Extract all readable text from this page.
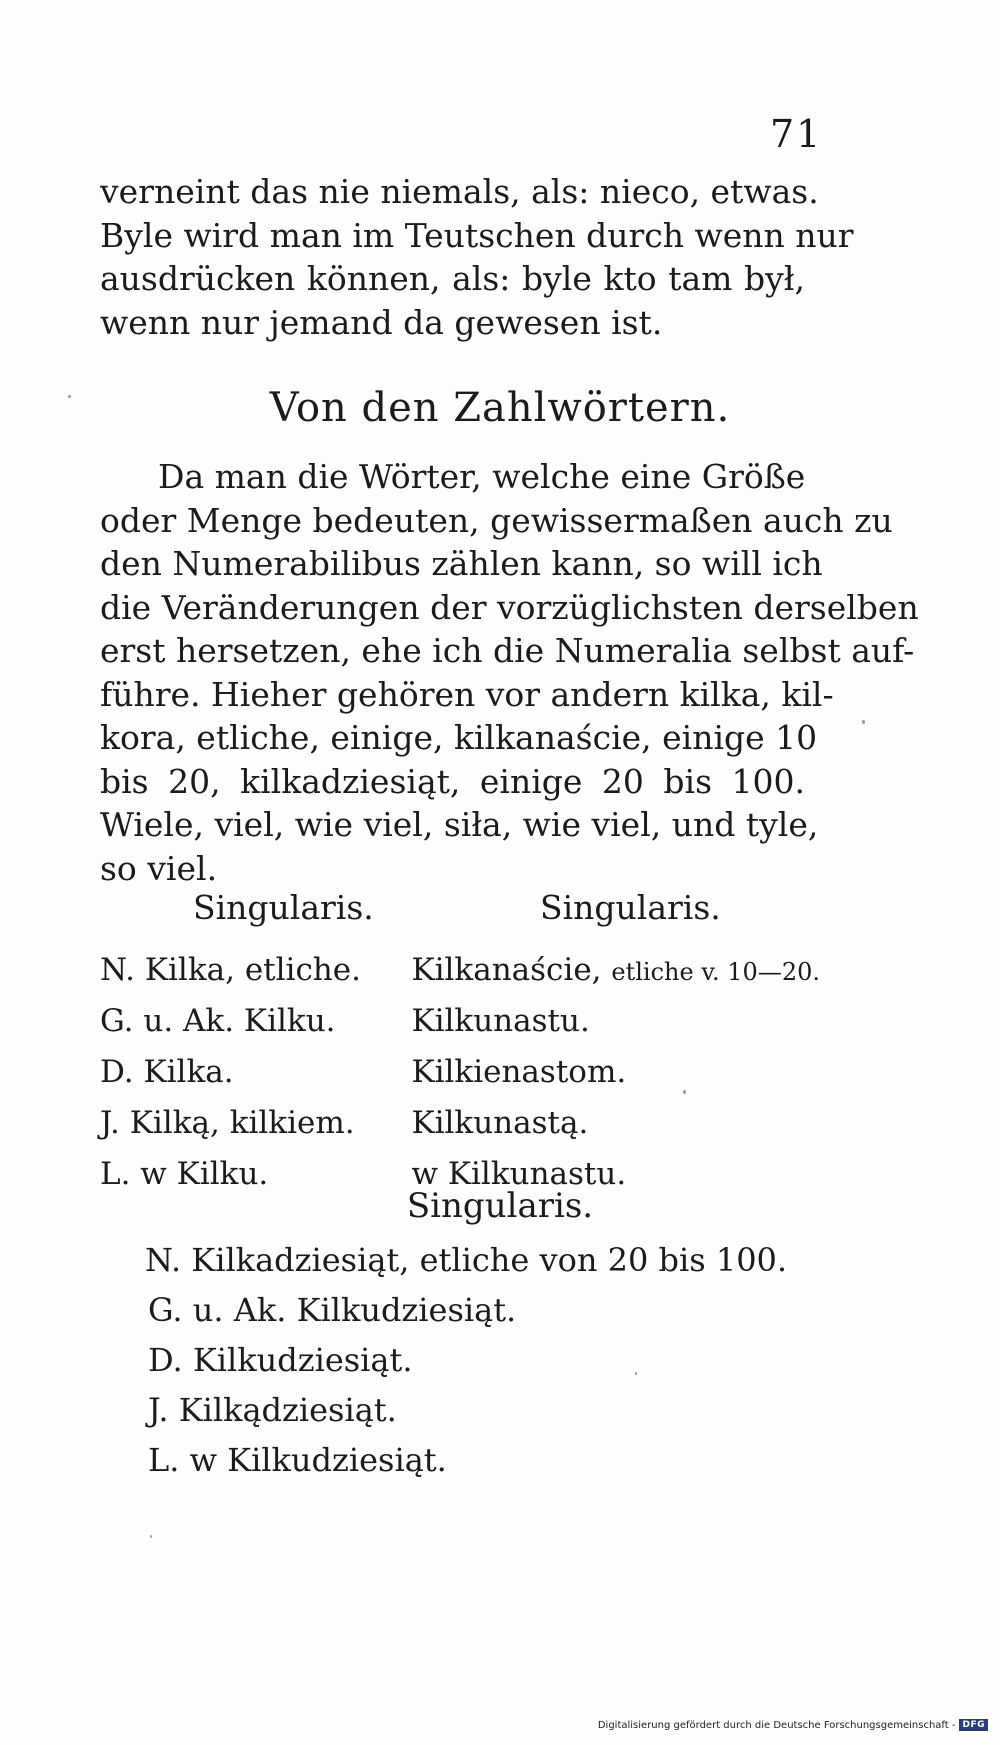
71
verneint das nie niemals, als: nieco, etwas.
Byle wird man im Teutschen durch wenn nur
ausdrücken können, als: byle kto tam był,
wenn nur jemand da gewesen ist.
Von den Zahlwörtern.
Da man die Wörter, welche eine Größe
oder Menge bedeuten, gewissermaßen auch zu
den Numerabilibus zählen kann, so will ich
die Veränderungen der vorzüglichsten derselben
erst hersetzen, ehe ich die Numeralia selbst auf-
führe. Hieher gehören vor andern kilka, kil-
kora, etliche, einige, kilkanaście, einige 10
bis 20, kilkadziesiąt, einige 20 bis 100.
Wiele, viel, wie viel, siła, wie viel, und tyle,
so viel.
Singularis.	Singularis.
N. Kilka, etliche.	Kilkanaście, etliche v. 10—20.
G. u. Ak. Kilku.	Kilkunastu.
D. Kilka.	Kilkienastom.
J. Kilką, kilkiem.	Kilkunastą.
L. w Kilku.	w Kilkunastu.
Singularis.
N. Kilkadziesiąt, etliche von 20 bis 100.
G. u. Ak. Kilkudziesiąt.
D. Kilkudziesiąt.
J. Kilkądziesiąt.
L. w Kilkudziesiąt.
Digitalisierung gefördert durch die Deutsche Forschungsgemeinschaft - DFG
